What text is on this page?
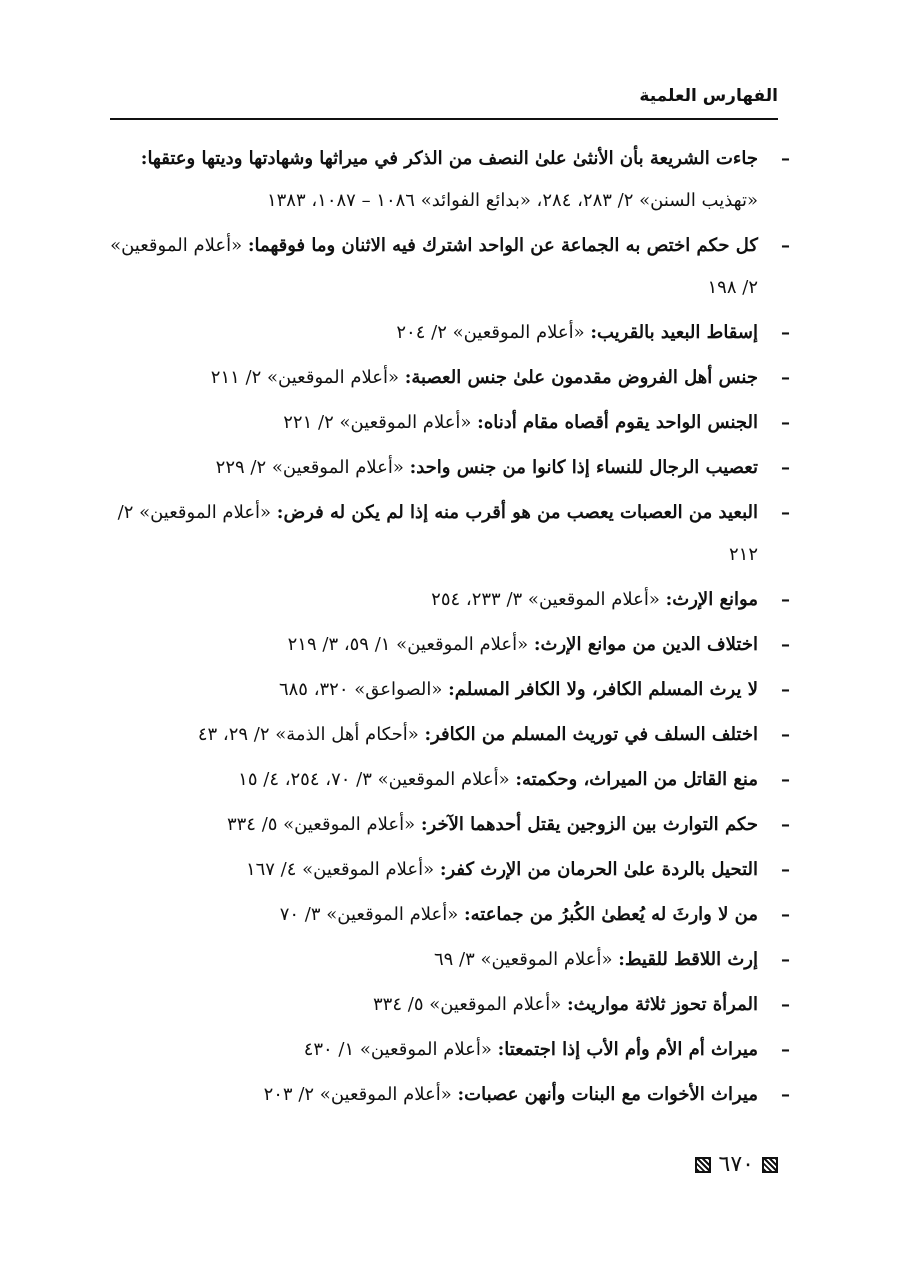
الفهارس العلمية
–
جاءت الشريعة بأن الأنثىٰ علىٰ النصف من الذكر في ميراثها وشهادتها وديتها وعتقها: «تهذيب السنن» ٢/ ٢٨٣، ٢٨٤، «بدائع الفوائد» ١٠٨٦ – ١٠٨٧، ١٣٨٣
–
كل حكم اختص به الجماعة عن الواحد اشترك فيه الاثنان وما فوقهما: «أعلام الموقعين» ٢/ ١٩٨
–
إسقاط البعيد بالقريب: «أعلام الموقعين» ٢/ ٢٠٤
–
جنس أهل الفروض مقدمون علىٰ جنس العصبة: «أعلام الموقعين» ٢/ ٢١١
–
الجنس الواحد يقوم أقصاه مقام أدناه: «أعلام الموقعين» ٢/ ٢٢١
–
تعصيب الرجال للنساء إذا كانوا من جنس واحد: «أعلام الموقعين» ٢/ ٢٢٩
–
البعيد من العصبات يعصب من هو أقرب منه إذا لم يكن له فرض: «أعلام الموقعين» ٢/ ٢١٢
–
موانع الإرث: «أعلام الموقعين» ٣/ ٢٣٣، ٢٥٤
–
اختلاف الدين من موانع الإرث: «أعلام الموقعين» ١/ ٥٩، ٣/ ٢١٩
–
لا يرث المسلم الكافر، ولا الكافر المسلم: «الصواعق» ٣٢٠، ٦٨٥
–
اختلف السلف في توريث المسلم من الكافر: «أحكام أهل الذمة» ٢/ ٢٩، ٤٣
–
منع القاتل من الميراث، وحكمته: «أعلام الموقعين» ٣/ ٧٠، ٢٥٤، ٤/ ١٥
–
حكم التوارث بين الزوجين يقتل أحدهما الآخر: «أعلام الموقعين» ٥/ ٣٣٤
–
التحيل بالردة علىٰ الحرمان من الإرث كفر: «أعلام الموقعين» ٤/ ١٦٧
–
من لا وارثَ له يُعطىٰ الكُبرُ من جماعته: «أعلام الموقعين» ٣/ ٧٠
–
إرث اللاقط للقيط: «أعلام الموقعين» ٣/ ٦٩
–
المرأة تحوز ثلاثة مواريث: «أعلام الموقعين» ٥/ ٣٣٤
–
ميراث أم الأم وأم الأب إذا اجتمعتا: «أعلام الموقعين» ١/ ٤٣٠
–
ميراث الأخوات مع البنات وأنهن عصبات: «أعلام الموقعين» ٢/ ٢٠٣
٦٧٠
